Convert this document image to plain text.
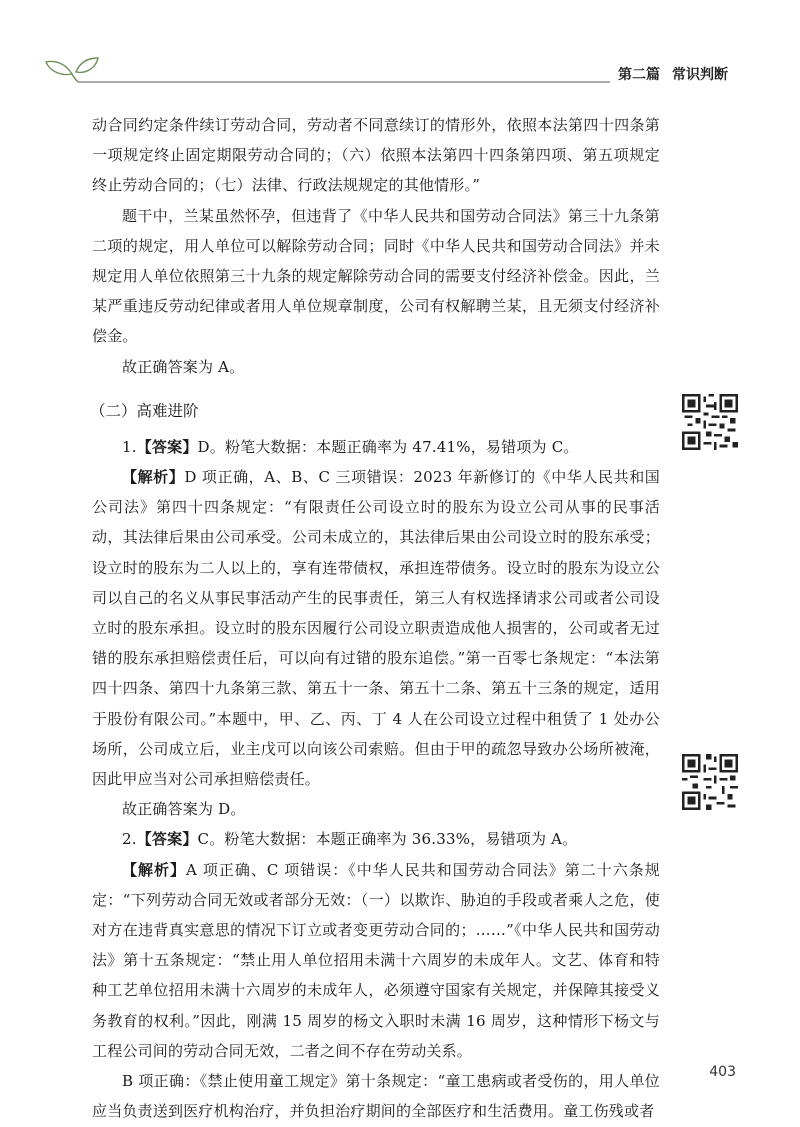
第二篇 常识判断

动合同约定条件续订劳动合同，劳动者不同意续订的情形外，依照本法第四十四条第一项规定终止固定期限劳动合同的；（六）依照本法第四十四条第四项、第五项规定终止劳动合同的；（七）法律、行政法规规定的其他情形。”

题干中，兰某虽然怀孕，但违背了《中华人民共和国劳动合同法》第三十九条第二项的规定，用人单位可以解除劳动合同；同时《中华人民共和国劳动合同法》并未规定用人单位依照第三十九条的规定解除劳动合同的需要支付经济补偿金。因此，兰某严重违反劳动纪律或者用人单位规章制度，公司有权解聘兰某，且无须支付经济补偿金。

故正确答案为 A。

（二）高难进阶

1.【答案】D。粉笔大数据：本题正确率为 47.41%，易错项为 C。

【解析】D 项正确，A、B、C 三项错误：2023 年新修订的《中华人民共和国公司法》第四十四条规定：“有限责任公司设立时的股东为设立公司从事的民事活动，其法律后果由公司承受。公司未成立的，其法律后果由公司设立时的股东承受；设立时的股东为二人以上的，享有连带债权，承担连带债务。设立时的股东为设立公司以自己的名义从事民事活动产生的民事责任，第三人有权选择请求公司或者公司设立时的股东承担。设立时的股东因履行公司设立职责造成他人损害的，公司或者无过错的股东承担赔偿责任后，可以向有过错的股东追偿。”第一百零七条规定：“本法第四十四条、第四十九条第三款、第五十一条、第五十二条、第五十三条的规定，适用于股份有限公司。”本题中，甲、乙、丙、丁 4 人在公司设立过程中租赁了 1 处办公场所，公司成立后，业主戊可以向该公司索赔。但由于甲的疏忽导致办公场所被淹，因此甲应当对公司承担赔偿责任。

故正确答案为 D。

2.【答案】C。粉笔大数据：本题正确率为 36.33%，易错项为 A。

【解析】A 项正确、C 项错误：《中华人民共和国劳动合同法》第二十六条规定：“下列劳动合同无效或者部分无效：（一）以欺诈、胁迫的手段或者乘人之危，使对方在违背真实意思的情况下订立或者变更劳动合同的；……”《中华人民共和国劳动法》第十五条规定：“禁止用人单位招用未满十六周岁的未成年人。文艺、体育和特种工艺单位招用未满十六周岁的未成年人，必须遵守国家有关规定，并保障其接受义务教育的权利。”因此，刚满 15 周岁的杨文入职时未满 16 周岁，这种情形下杨文与工程公司间的劳动合同无效，二者之间不存在劳动关系。

B 项正确：《禁止使用童工规定》第十条规定：“童工患病或者受伤的，用人单位应当负责送到医疗机构治疗，并负担治疗期间的全部医疗和生活费用。童工伤残或者

403
